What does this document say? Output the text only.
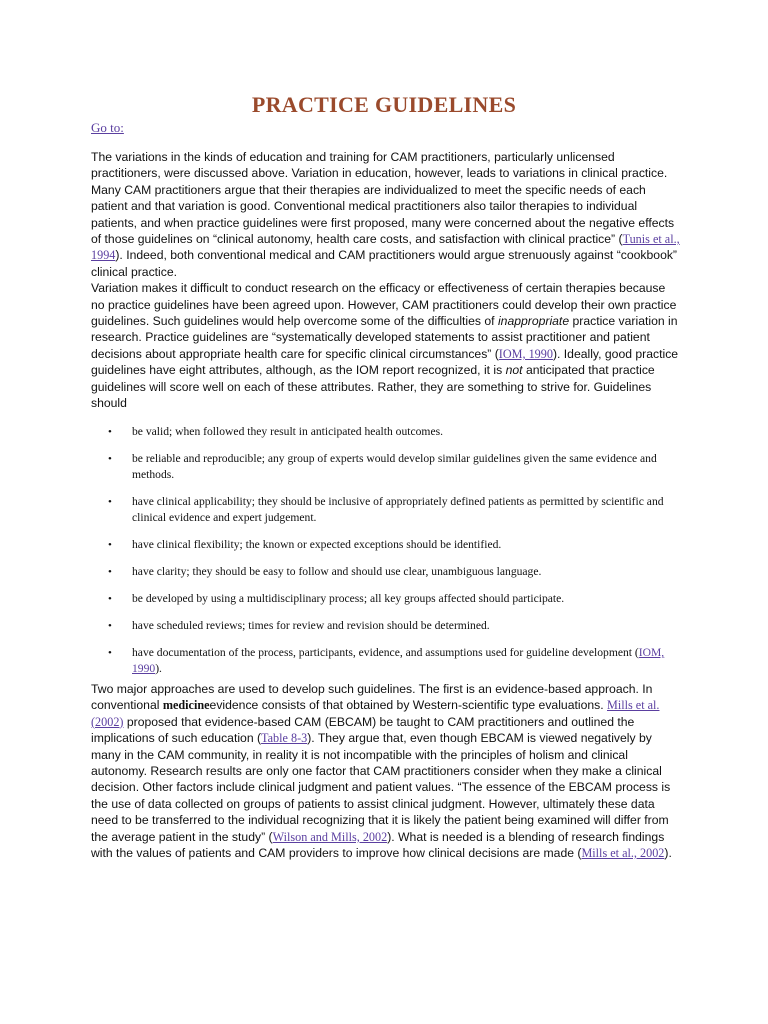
PRACTICE GUIDELINES
Go to:

The variations in the kinds of education and training for CAM practitioners, particularly unlicensed practitioners, were discussed above. Variation in education, however, leads to variations in clinical practice. Many CAM practitioners argue that their therapies are individualized to meet the specific needs of each patient and that variation is good. Conventional medical practitioners also tailor therapies to individual patients, and when practice guidelines were first proposed, many were concerned about the negative effects of those guidelines on “clinical autonomy, health care costs, and satisfaction with clinical practice” (Tunis et al., 1994). Indeed, both conventional medical and CAM practitioners would argue strenuously against “cookbook” clinical practice.
Variation makes it difficult to conduct research on the efficacy or effectiveness of certain therapies because no practice guidelines have been agreed upon. However, CAM practitioners could develop their own practice guidelines. Such guidelines would help overcome some of the difficulties of inappropriate practice variation in research. Practice guidelines are “systematically developed statements to assist practitioner and patient decisions about appropriate health care for specific clinical circumstances” (IOM, 1990). Ideally, good practice guidelines have eight attributes, although, as the IOM report recognized, it is not anticipated that practice guidelines will score well on each of these attributes. Rather, they are something to strive for. Guidelines should

• be valid; when followed they result in anticipated health outcomes.
• be reliable and reproducible; any group of experts would develop similar guidelines given the same evidence and methods.
• have clinical applicability; they should be inclusive of appropriately defined patients as permitted by scientific and clinical evidence and expert judgement.
• have clinical flexibility; the known or expected exceptions should be identified.
• have clarity; they should be easy to follow and should use clear, unambiguous language.
• be developed by using a multidisciplinary process; all key groups affected should participate.
• have scheduled reviews; times for review and revision should be determined.
• have documentation of the process, participants, evidence, and assumptions used for guideline development (IOM, 1990).

Two major approaches are used to develop such guidelines. The first is an evidence-based approach. In conventional medicineevidence consists of that obtained by Western-scientific type evaluations. Mills et al. (2002) proposed that evidence-based CAM (EBCAM) be taught to CAM practitioners and outlined the implications of such education (Table 8-3). They argue that, even though EBCAM is viewed negatively by many in the CAM community, in reality it is not incompatible with the principles of holism and clinical autonomy. Research results are only one factor that CAM practitioners consider when they make a clinical decision. Other factors include clinical judgment and patient values. “The essence of the EBCAM process is the use of data collected on groups of patients to assist clinical judgment. However, ultimately these data need to be transferred to the individual recognizing that it is likely the patient being examined will differ from the average patient in the study” (Wilson and Mills, 2002). What is needed is a blending of research findings with the values of patients and CAM providers to improve how clinical decisions are made (Mills et al., 2002).
